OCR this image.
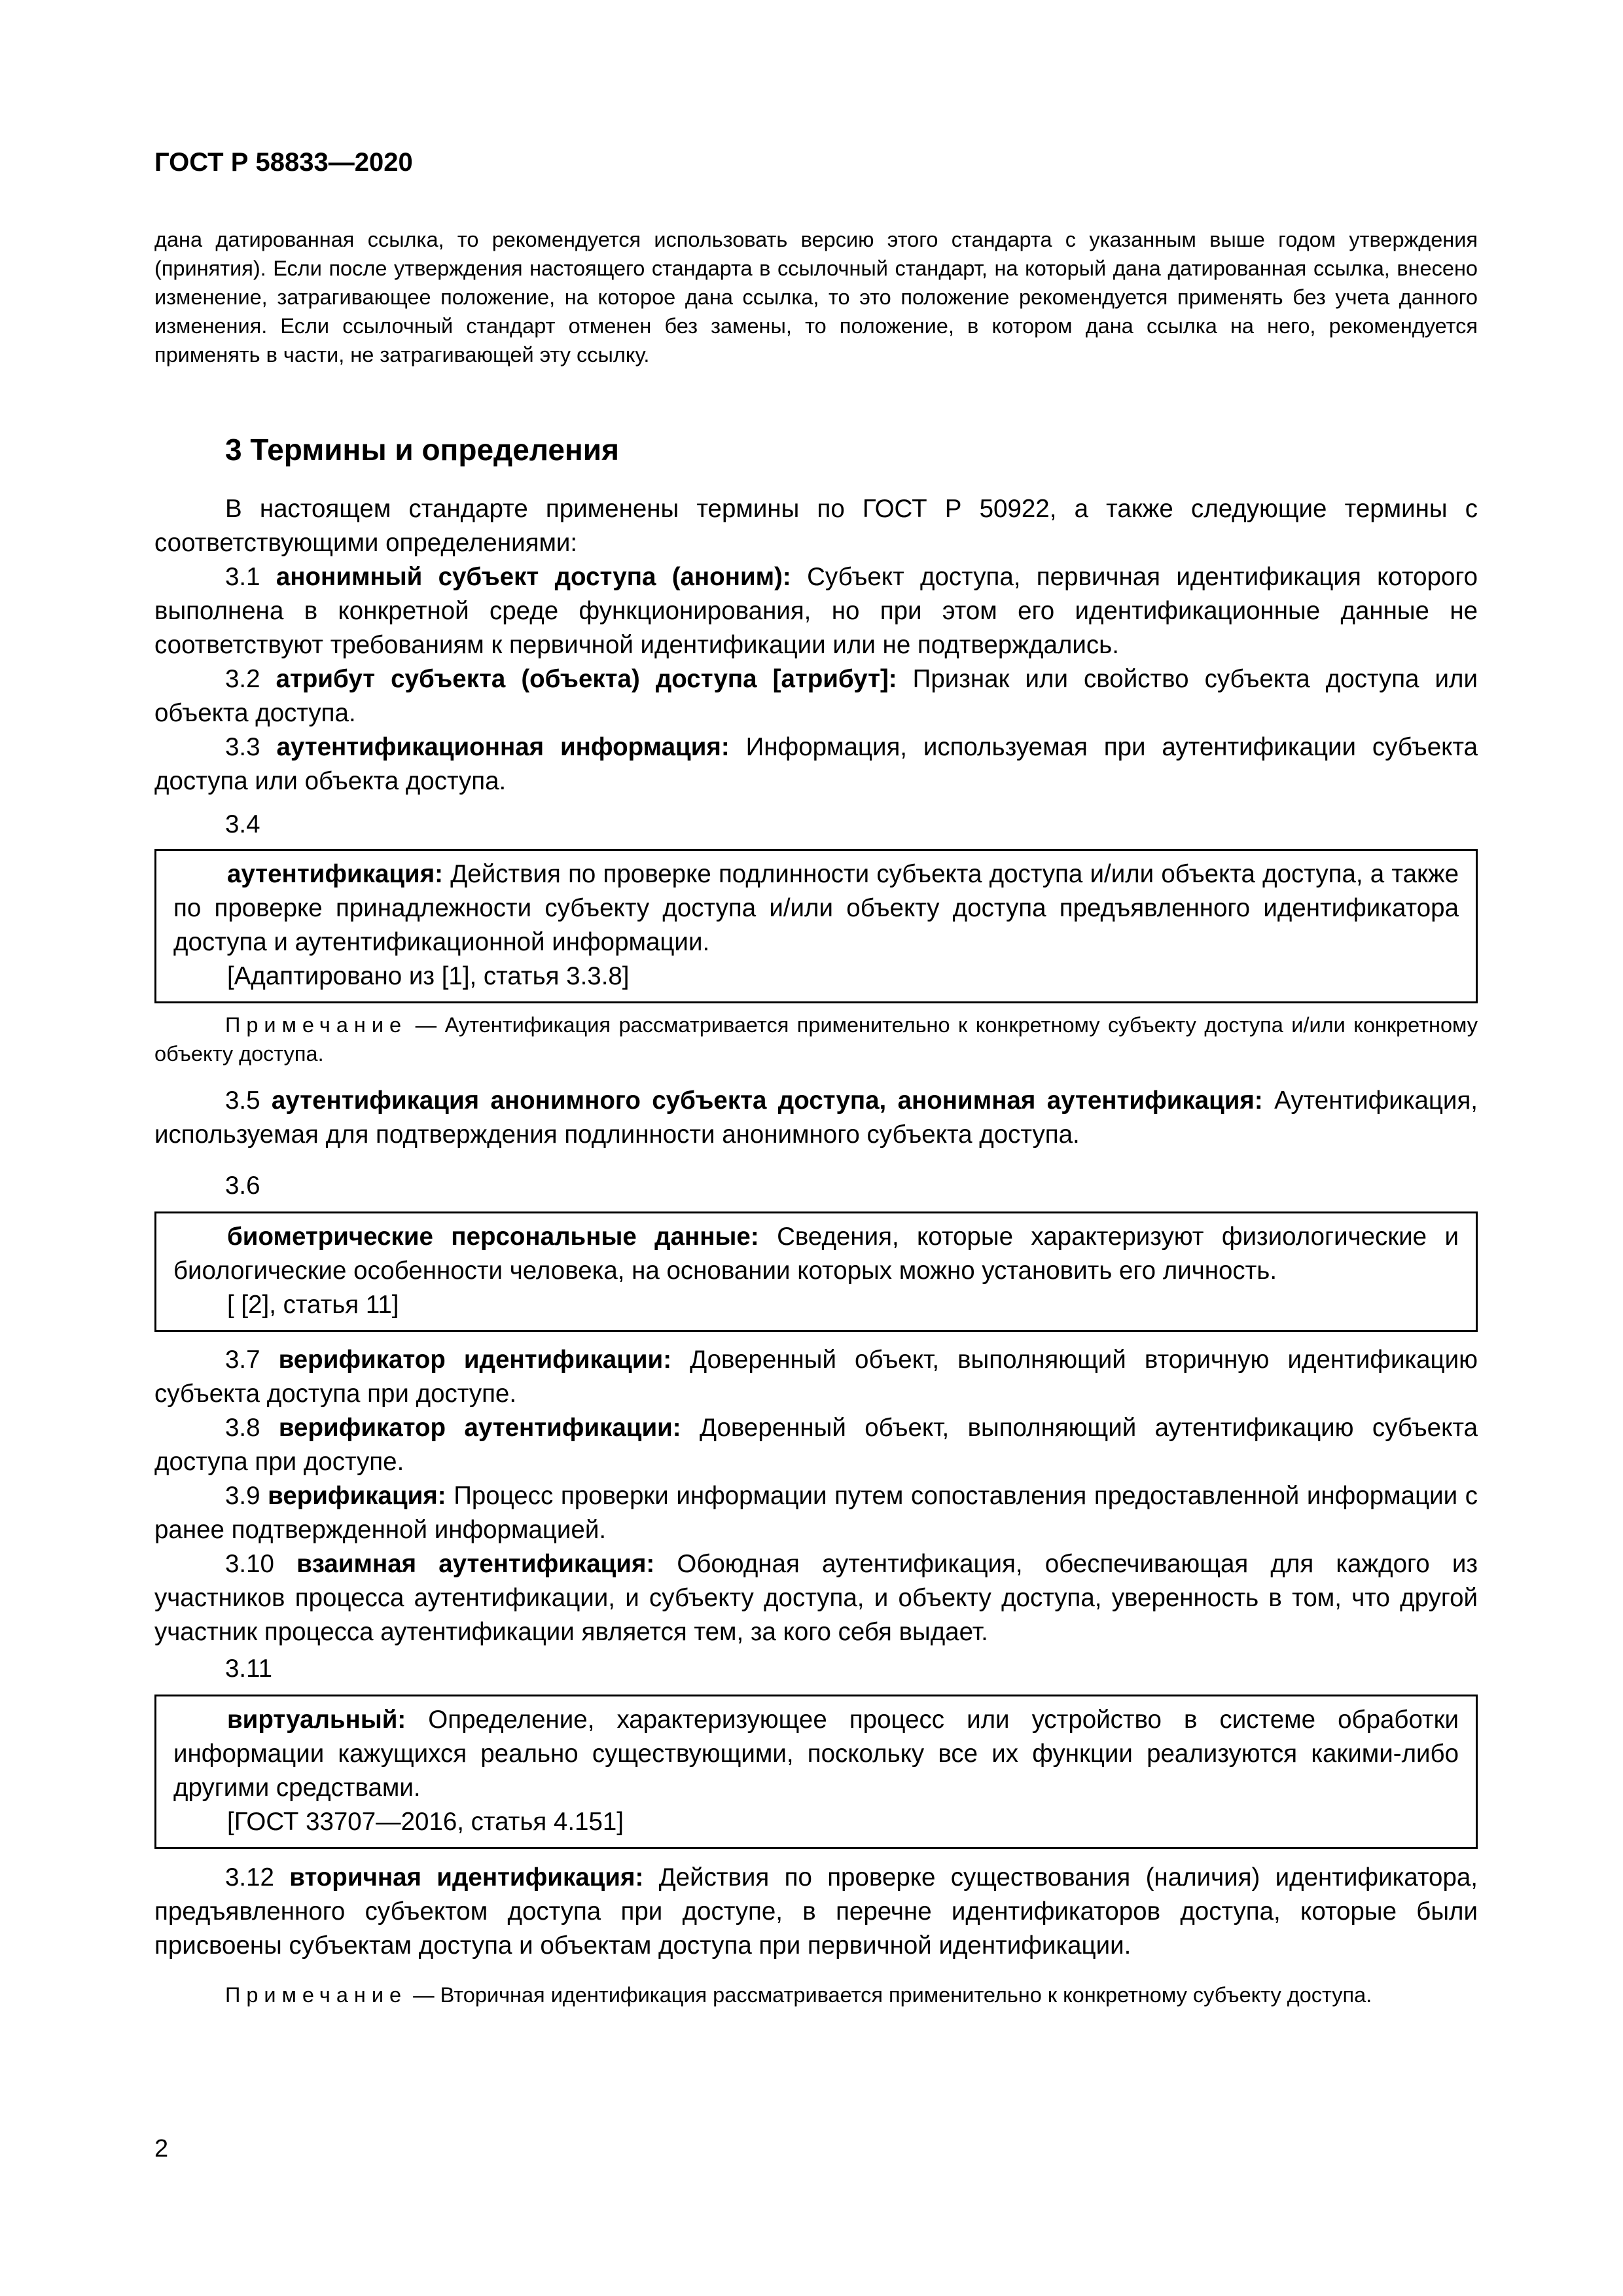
ГОСТ Р 58833—2020
дана датированная ссылка, то рекомендуется использовать версию этого стандарта с указанным выше годом утверждения (принятия). Если после утверждения настоящего стандарта в ссылочный стандарт, на который дана датированная ссылка, внесено изменение, затрагивающее положение, на которое дана ссылка, то это положение рекомендуется применять без учета данного изменения. Если ссылочный стандарт отменен без замены, то положение, в котором дана ссылка на него, рекомендуется применять в части, не затрагивающей эту ссылку.
3 Термины и определения

В настоящем стандарте применены термины по ГОСТ Р 50922, а также следующие термины с соответствующими определениями:

3.1 анонимный субъект доступа (аноним): Субъект доступа, первичная идентификация которого выполнена в конкретной среде функционирования, но при этом его идентификационные данные не соответствуют требованиям к первичной идентификации или не подтверждались.

3.2 атрибут субъекта (объекта) доступа [атрибут]: Признак или свойство субъекта доступа или объекта доступа.

3.3 аутентификационная информация: Информация, используемая при аутентификации субъекта доступа или объекта доступа.

3.4

аутентификация: Действия по проверке подлинности субъекта доступа и/или объекта доступа, а также по проверке принадлежности субъекту доступа и/или объекту доступа предъявленного идентификатора доступа и аутентификационной информации.

[Адаптировано из [1], статья 3.3.8]

Примечание — Аутентификация рассматривается применительно к конкретному субъекту доступа и/или конкретному объекту доступа.

3.5 аутентификация анонимного субъекта доступа, анонимная аутентификация: Аутентификация, используемая для подтверждения подлинности анонимного субъекта доступа.

3.6

биометрические персональные данные: Сведения, которые характеризуют физиологические и биологические особенности человека, на основании которых можно установить его личность.

[ [2], статья 11]

3.7 верификатор идентификации: Доверенный объект, выполняющий вторичную идентификацию субъекта доступа при доступе.

3.8 верификатор аутентификации: Доверенный объект, выполняющий аутентификацию субъекта доступа при доступе.

3.9 верификация: Процесс проверки информации путем сопоставления предоставленной информации с ранее подтвержденной информацией.

3.10 взаимная аутентификация: Обоюдная аутентификация, обеспечивающая для каждого из участников процесса аутентификации, и субъекту доступа, и объекту доступа, уверенность в том, что другой участник процесса аутентификации является тем, за кого себя выдает.

3.11

виртуальный: Определение, характеризующее процесс или устройство в системе обработки информации кажущихся реально существующими, поскольку все их функции реализуются какими-либо другими средствами.

[ГОСТ 33707—2016, статья 4.151]

3.12 вторичная идентификация: Действия по проверке существования (наличия) идентификатора, предъявленного субъектом доступа при доступе, в перечне идентификаторов доступа, которые были присвоены субъектам доступа и объектам доступа при первичной идентификации.

Примечание — Вторичная идентификация рассматривается применительно к конкретному субъекту доступа.

2
